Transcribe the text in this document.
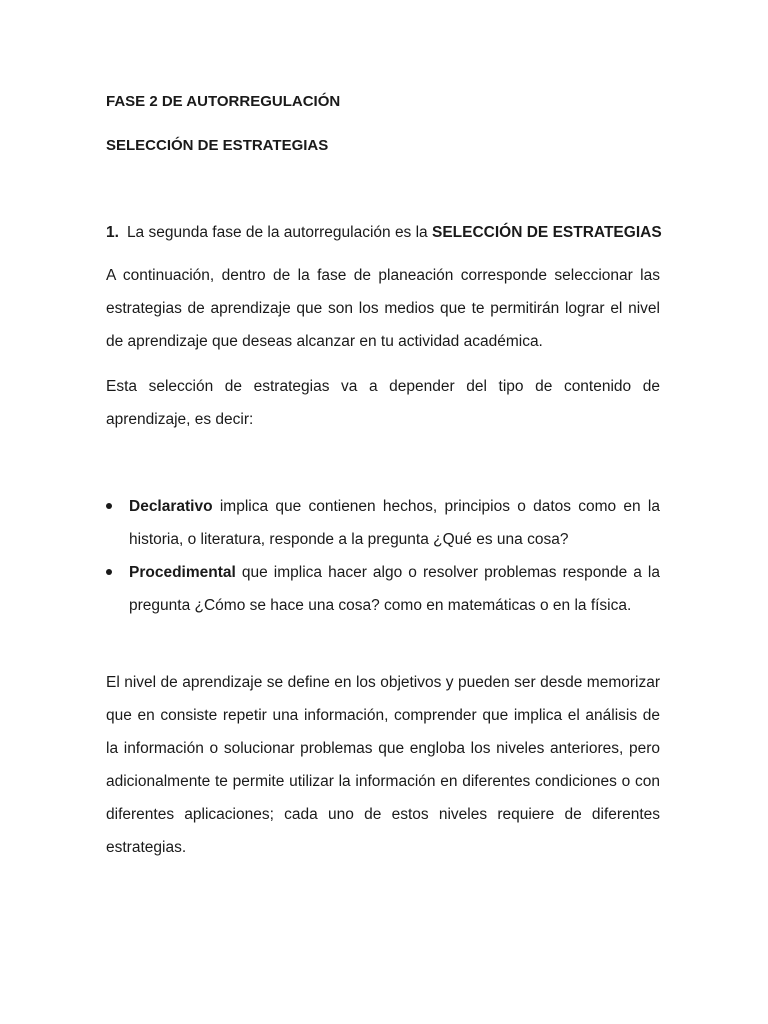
FASE 2 DE AUTORREGULACIÓN
SELECCIÓN DE ESTRATEGIAS
1. La segunda fase de la autorregulación es la SELECCIÓN DE ESTRATEGIAS
A continuación, dentro de la fase de planeación corresponde seleccionar las estrategias de aprendizaje que son los medios que te permitirán lograr el nivel de aprendizaje que deseas alcanzar en tu actividad académica.
Esta selección de estrategias va a depender del tipo de contenido de aprendizaje, es decir:
Declarativo implica que contienen hechos, principios o datos como en la historia, o literatura, responde a la pregunta ¿Qué es una cosa?
Procedimental que implica hacer algo o resolver problemas responde a la pregunta ¿Cómo se hace una cosa? como en matemáticas o en la física.
El nivel de aprendizaje se define en los objetivos y pueden ser desde memorizar que en consiste repetir una información, comprender que implica el análisis de la información o solucionar problemas que engloba los niveles anteriores, pero adicionalmente te permite utilizar la información en diferentes condiciones o con diferentes aplicaciones; cada uno de estos niveles requiere de diferentes estrategias.
